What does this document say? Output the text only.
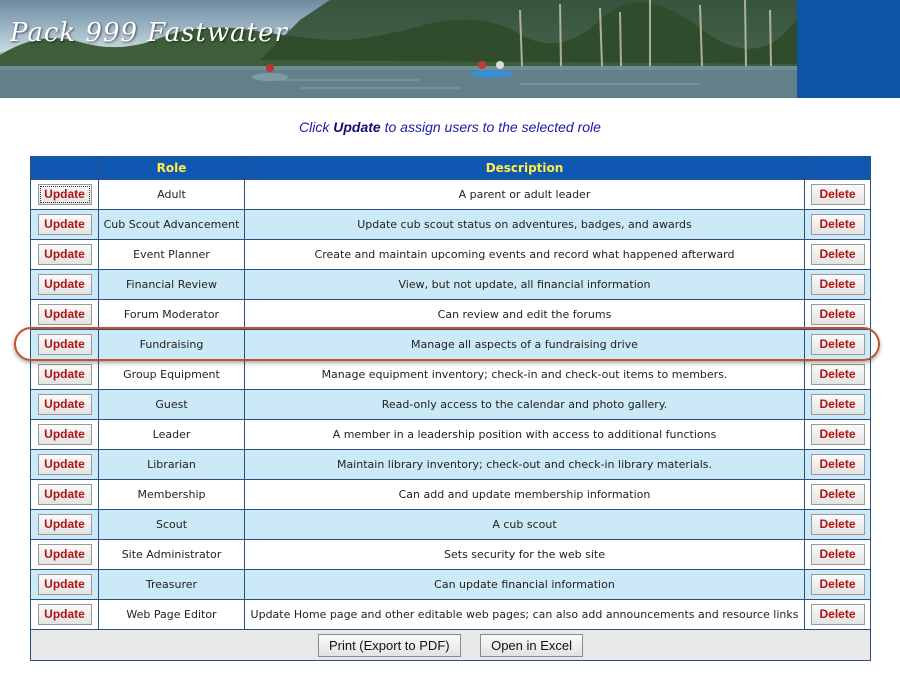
Pack 999 Fastwater
Click Update to assign users to the selected role
	Role	Description	
Update	Adult	A parent or adult leader	Delete
Update	Cub Scout Advancement	Update cub scout status on adventures, badges, and awards	Delete
Update	Event Planner	Create and maintain upcoming events and record what happened afterward	Delete
Update	Financial Review	View, but not update, all financial information	Delete
Update	Forum Moderator	Can review and edit the forums	Delete
Update	Fundraising	Manage all aspects of a fundraising drive	Delete
Update	Group Equipment	Manage equipment inventory; check-in and check-out items to members.	Delete
Update	Guest	Read-only access to the calendar and photo gallery.	Delete
Update	Leader	A member in a leadership position with access to additional functions	Delete
Update	Librarian	Maintain library inventory; check-out and check-in library materials.	Delete
Update	Membership	Can add and update membership information	Delete
Update	Scout	A cub scout	Delete
Update	Site Administrator	Sets security for the web site	Delete
Update	Treasurer	Can update financial information	Delete
Update	Web Page Editor	Update Home page and other editable web pages; can also add announcements and resource links	Delete
Print (Export to PDF) Open in Excel			
